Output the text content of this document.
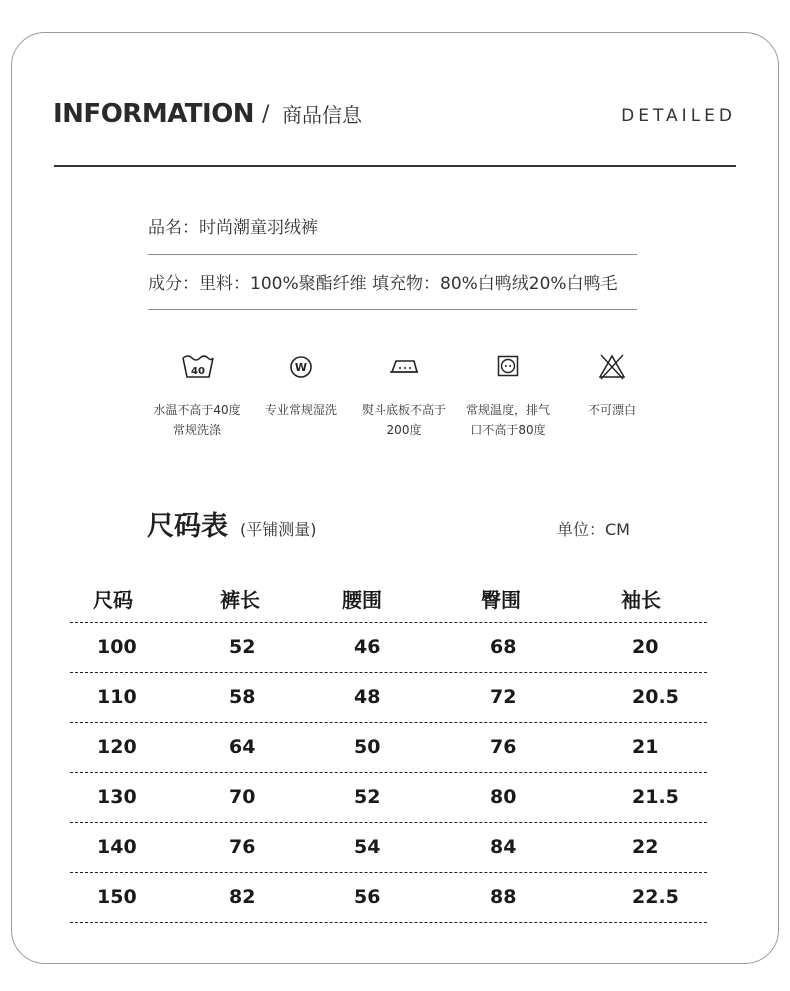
INFORMATION / 商品信息	DETAILED
品名：时尚潮童羽绒裤
成分：里料：100%聚酯纤维 填充物：80%白鸭绒20%白鸭毛
40	W
水温不高于40度
常规洗涤
专业常规湿洗	熨斗底板不高于
200度
常规温度，排气
口不高于80度
不可漂白
尺码表 (平铺测量)	单位：CM
尺码	裤长	腰围	臀围	袖长
100	52	46	68	20
110	58	48	72	20.5
120	64	50	76	21
130	70	52	80	21.5
140	76	54	84	22
150	82	56	88	22.5
